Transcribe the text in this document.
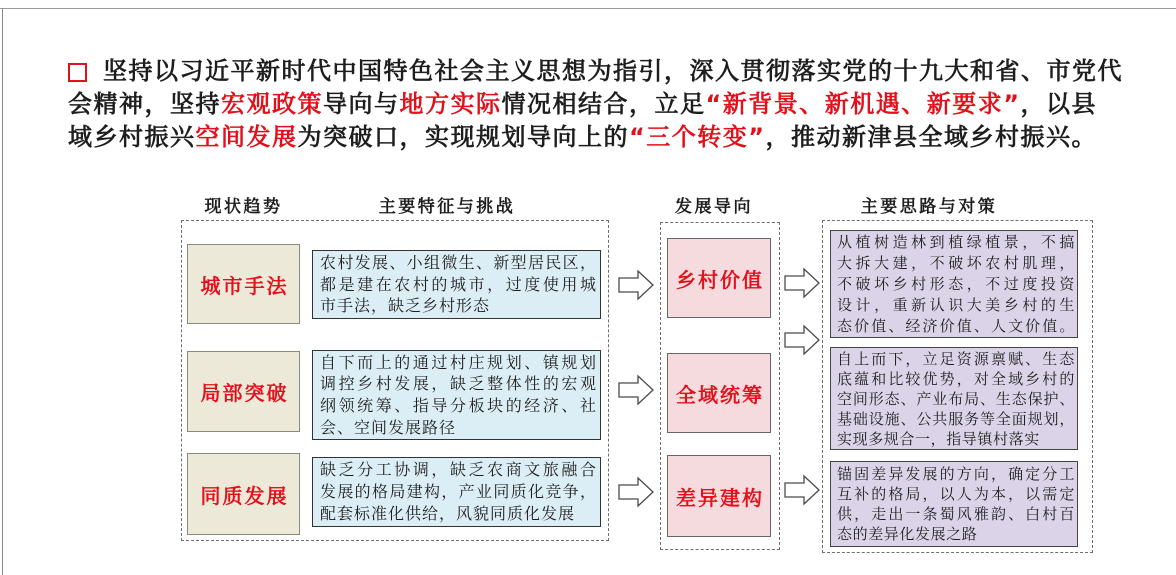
坚持以习近平新时代中国特色社会主义思想为指引，深入贯彻落实党的十九大和省、市党代
会精神，坚持宏观政策导向与地方实际情况相结合，立足“新背景、新机遇、新要求”，以县
域乡村振兴空间发展为突破口，实现规划导向上的“三个转变”，推动新津县全域乡村振兴。
现状趋势	主要特征与挑战	发展导向	主要思路与对策
城市手法
农村发展、小组微生、新型居民区，
都是建在农村的城市，过度使用城
市手法，缺乏乡村形态
乡村价值
从植树造林到植绿植景，不搞
大拆大建，不破坏农村肌理，
不破坏乡村形态，不过度投资
设计，重新认识大美乡村的生
态价值、经济价值、人文价值。
局部突破
自下而上的通过村庄规划、镇规划
调控乡村发展，缺乏整体性的宏观
纲领统筹、指导分板块的经济、社
会、空间发展路径
全域统筹
自上而下，立足资源禀赋、生态
底蕴和比较优势，对全域乡村的
空间形态、产业布局、生态保护、
基础设施、公共服务等全面规划，
实现多规合一，指导镇村落实
同质发展
缺乏分工协调，缺乏农商文旅融合
发展的格局建构，产业同质化竞争，
配套标准化供给，风貌同质化发展
差异建构
锚固差异发展的方向，确定分工
互补的格局，以人为本，以需定
供，走出一条蜀风雅韵、白村百
态的差异化发展之路
